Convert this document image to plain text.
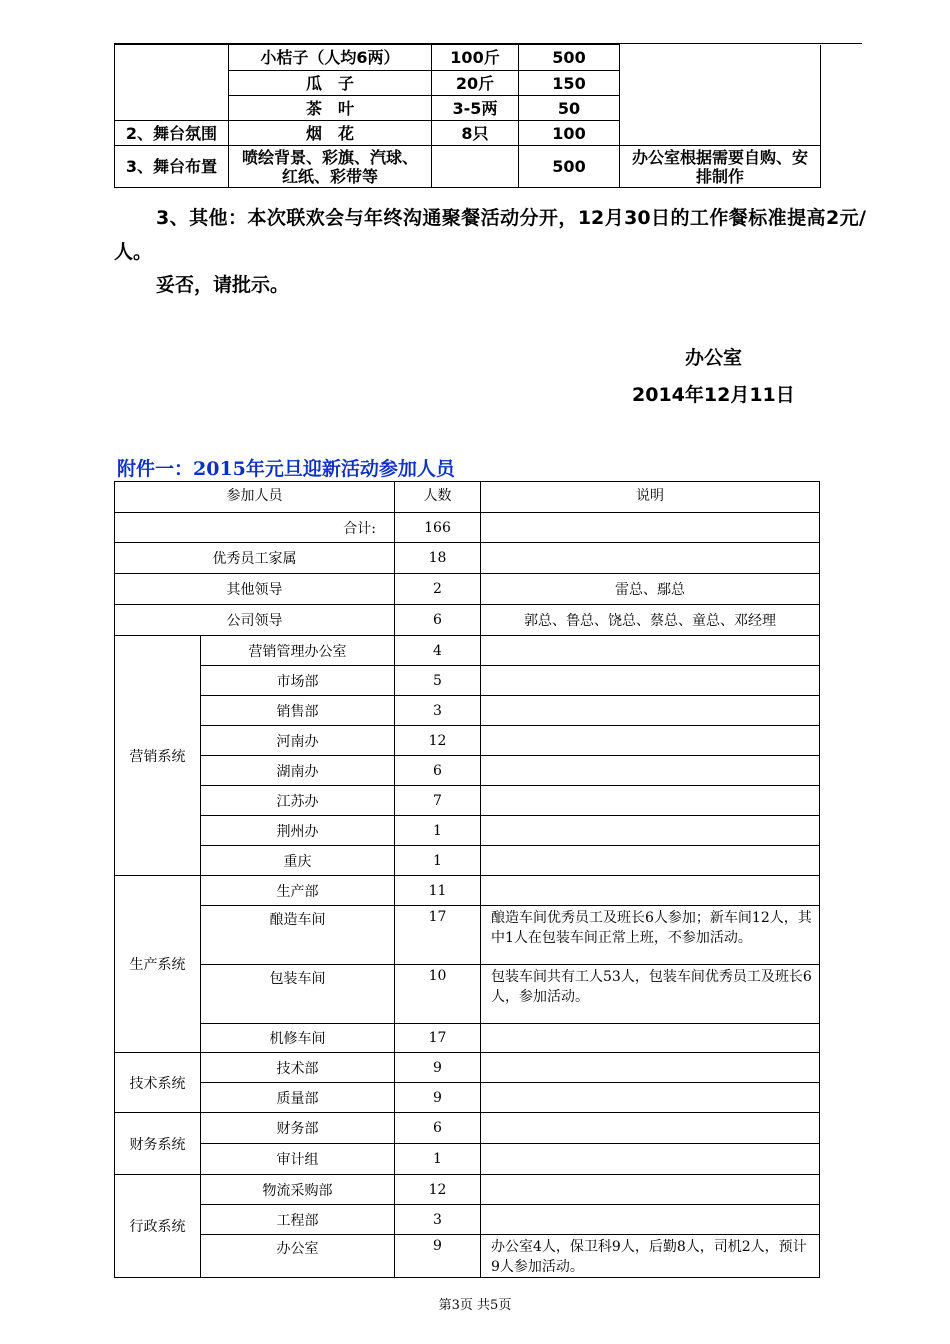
	小桔子（人均6两）	100斤	500	
	瓜　子	20斤	150	
	茶　叶	3-5两	50	
2、舞台氛围	烟　花	8只	100	
3、舞台布置	喷绘背景、彩旗、汽球、红纸、彩带等		500	办公室根据需要自购、安排制作
3、其他：本次联欢会与年终沟通聚餐活动分开，12月30日的工作餐标准提高2元/人。
妥否，请批示。
办公室
2014年12月11日
附件一：2015年元旦迎新活动参加人员
参加人员		人数	说明
合计:		166	
优秀员工家属		18	
其他领导		2	雷总、鄢总
公司领导		6	郭总、鲁总、饶总、蔡总、童总、邓经理
营销系统	营销管理办公室	4	
	市场部	5	
	销售部	3	
	河南办	12	
	湖南办	6	
	江苏办	7	
	荆州办	1	
	重庆	1	
生产系统	生产部	11	
	酿造车间	17	酿造车间优秀员工及班长6人参加；新车间12人，其中1人在包装车间正常上班，不参加活动。
	包装车间	10	包装车间共有工人53人，包装车间优秀员工及班长6人，参加活动。
	机修车间	17	
技术系统	技术部	9	
	质量部	9	
财务系统	财务部	6	
	审计组	1	
行政系统	物流采购部	12	
	工程部	3	
	办公室	9	办公室4人，保卫科9人，后勤8人，司机2人，预计9人参加活动。
第3页 共5页
